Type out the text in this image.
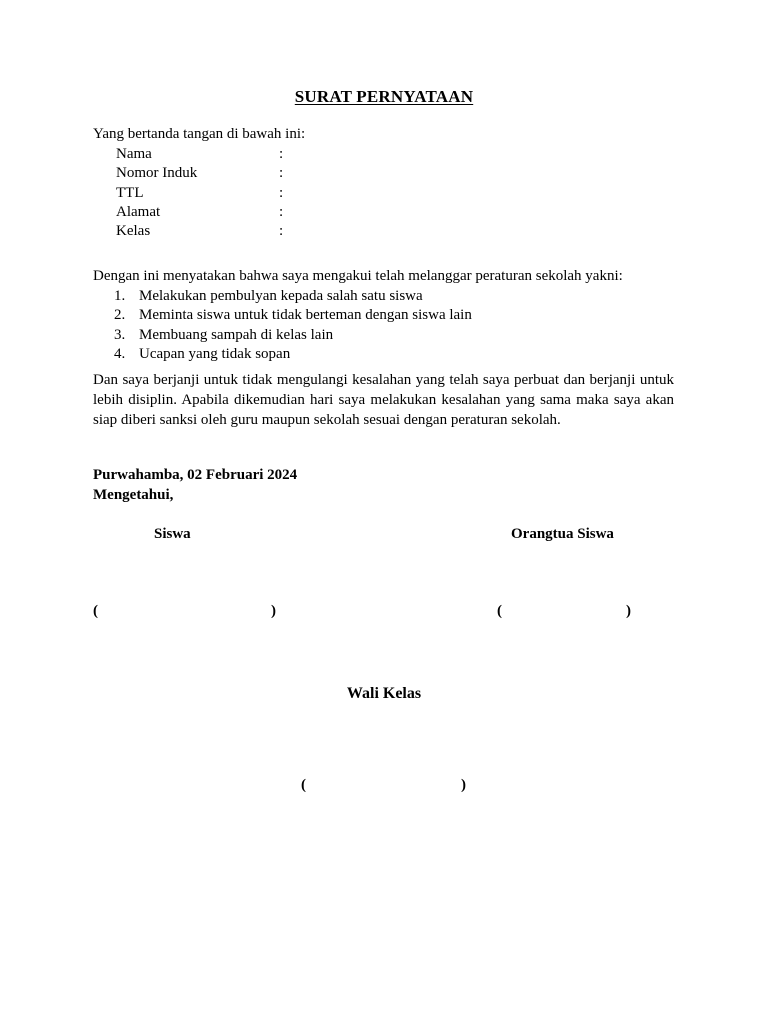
SURAT PERNYATAAN
Yang bertanda tangan di bawah ini:
Nama	:
Nomor Induk	:
TTL	:
Alamat	:
Kelas	:
Dengan ini menyatakan bahwa saya mengakui telah melanggar peraturan sekolah yakni:
1. Melakukan pembulyan kepada salah satu siswa
2. Meminta siswa untuk tidak berteman dengan siswa lain
3. Membuang sampah di kelas lain
4. Ucapan yang tidak sopan
Dan saya berjanji untuk tidak mengulangi kesalahan yang telah saya perbuat dan berjanji untuk lebih disiplin. Apabila dikemudian hari saya melakukan kesalahan yang sama maka saya akan siap diberi sanksi oleh guru maupun sekolah sesuai dengan peraturan sekolah.
Purwahamba, 02 Februari 2024
Mengetahui,
Siswa	Orangtua Siswa
(	)	(	)
Wali Kelas
(	)
